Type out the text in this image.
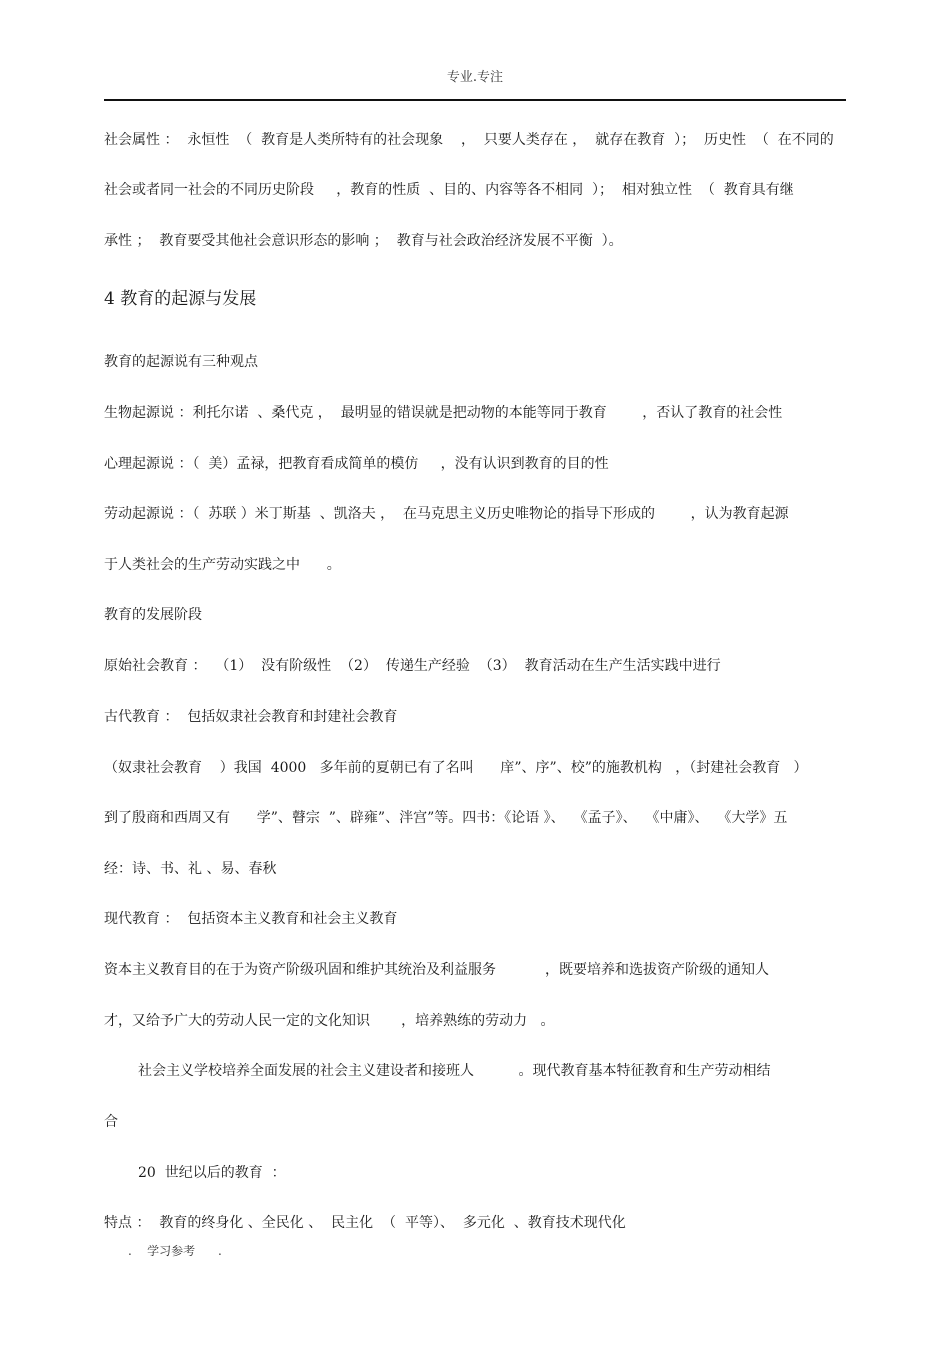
专业.专注
社会属性 ：  永恒性  （  教育是人类所特有的社会现象    ，  只要人类存在 ，  就存在教育  ）；  历史性  （  在不同的
社会或者同一社会的不同历史阶段     ，教育的性质  、目的、内容等各不相同  ）；  相对独立性  （  教育具有继
承性 ；  教育要受其他社会意识形态的影响 ；  教育与社会政治经济发展不平衡  ）。
4 教育的起源与发展
教育的起源说有三种观点
生物起源说 ：利托尔诺  、桑代克 ，  最明显的错误就是把动物的本能等同于教育        ，否认了教育的社会性
心理起源说 ：（  美）孟禄，把教育看成简单的模仿     ，没有认识到教育的目的性
劳动起源说 ：（  苏联 ）米丁斯基  、凯洛夫 ，  在马克思主义历史唯物论的指导下形成的        ，认为教育起源
于人类社会的生产劳动实践之中      。
教育的发展阶段
原始社会教育 ：  （1）  没有阶级性  （2）  传递生产经验  （3）  教育活动在生产生活实践中进行
古代教育 ：  包括奴隶社会教育和封建社会教育
（奴隶社会教育    ）我国  4000   多年前的夏朝已有了名叫      庠”、序”、校”的施教机构   ，（封建社会教育   ）
到了殷商和西周又有      学”、瞽宗  ”、辟雍”、泮宫”等。四书：《论语 》、  《孟子》、  《中庸》、  《大学》五
经：诗、书、礼 、易、春秋
现代教育 ：  包括资本主义教育和社会主义教育
资本主义教育目的在于为资产阶级巩固和维护其统治及利益服务           ，既要培养和选拔资产阶级的通知人
才，又给予广大的劳动人民一定的文化知识       ，培养熟练的劳动力   。
社会主义学校培养全面发展的社会主义建设者和接班人          。现代教育基本特征教育和生产劳动相结
合
20  世纪以后的教育  ：
特点 ：  教育的终身化 、全民化 、  民主化  （  平等）、  多元化  、教育技术现代化
.    学习参考      .
